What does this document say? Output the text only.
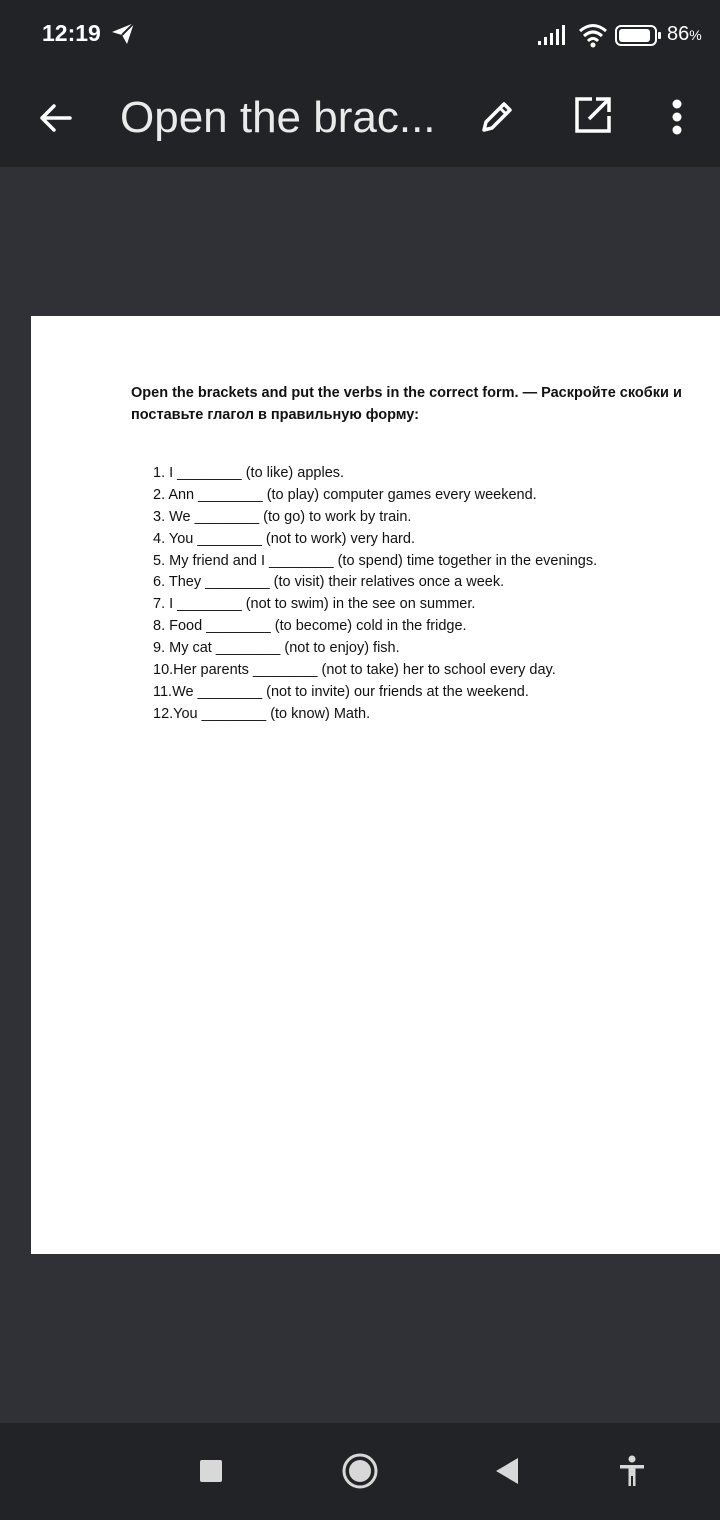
12:19	86%
Open the brac...
Open the brackets and put the verbs in the correct form. — Раскройте скобки и поставьте глагол в правильную форму:
1. I ________ (to like) apples.
2. Ann ________ (to play) computer games every weekend.
3. We ________ (to go) to work by train.
4. You ________ (not to work) very hard.
5. My friend and I ________ (to spend) time together in the evenings.
6. They ________ (to visit) their relatives once a week.
7. I ________ (not to swim) in the see on summer.
8. Food ________ (to become) cold in the fridge.
9. My cat ________ (not to enjoy) fish.
10.Her parents ________ (not to take) her to school every day.
11.We ________ (not to invite) our friends at the weekend.
12.You ________ (to know) Math.
